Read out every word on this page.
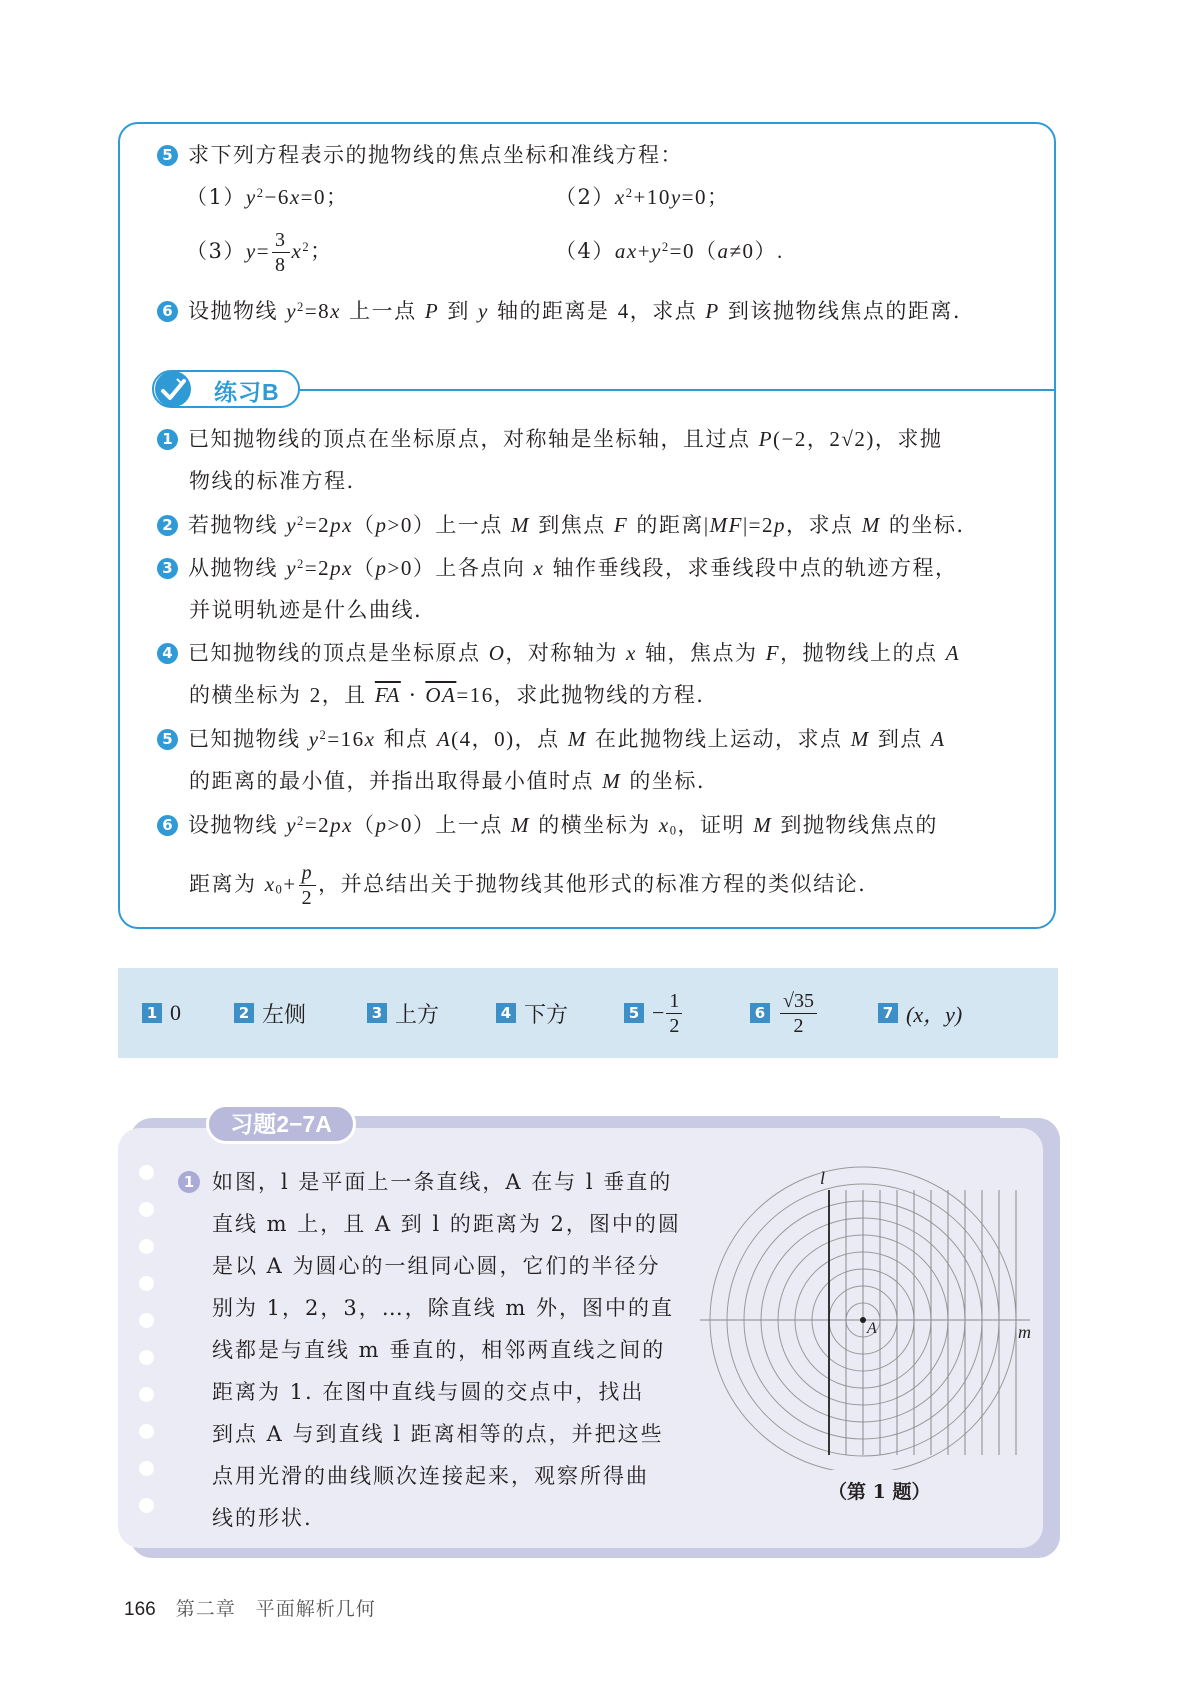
5 求下列方程表示的抛物线的焦点坐标和准线方程：
$(1)y^2-6x=0$；	$(2)x^2+10y=0$；
$(3)y= \frac{3}{8} x^2$；	$(4)ax+y^2=0(a\ne 0)$.
6 设抛物线 $y^2=8x$ 上一点 P 到 y 轴的距离是 4，求点 P 到该抛物线焦点的距离.
练习B
1 已知抛物线的顶点在坐标原点，对称轴是坐标轴，且过点 P(−2，2√2)，求抛
物线的标准方程.
2 若抛物线 $y^2=2px(p>0)$上一点 M 到焦点 F 的距离|MF|=2p，求点 M 的坐标.
3 从抛物线 $y^2=2px(p>0)$上各点向 x 轴作垂线段，求垂线段中点的轨迹方程，
并说明轨迹是什么曲线.
4 已知抛物线的顶点是坐标原点 O，对称轴为 x 轴，焦点为 F，抛物线上的点 A
的横坐标为 2，且 $\overline{FA} \cdot \overline{OA}=16$，求此抛物线的方程.
5 已知抛物线 $y^2=16x$ 和点 A(4，0)，点 M 在此抛物线上运动，求点 M 到点 A
的距离的最小值，并指出取得最小值时点 M 的坐标.
6 设抛物线 $y^2=2px(p>0)$上一点 M 的横坐标为 $x_0$，证明 M 到抛物线焦点的
距离为 $x_0+ \frac{p}{2}$ ，并总结出关于抛物线其他形式的标准方程的类似结论.
1 0	2 左侧	3 上方	4 下方	$5 - \frac{1}{2}$	$6 \frac{√35}{2}$	7 (x，y)
习题2−7A
1 如图，l 是平面上一条直线，A 在与 l 垂直的
直线 m 上，且 A 到 l 的距离为 2，图中的圆
是以 A 为圆心的一组同心圆，它们的半径分
别为 1，2，3，…，除直线 m 外，图中的直
线都是与直线 m 垂直的，相邻两直线之间的
距离为 1. 在图中直线与圆的交点中，找出
到点 A 与到直线 l 距离相等的点，并把这些
点用光滑的曲线顺次连接起来，观察所得曲
线的形状.
l
m
A
（第 1 题）
166 第二章　平面解析几何
